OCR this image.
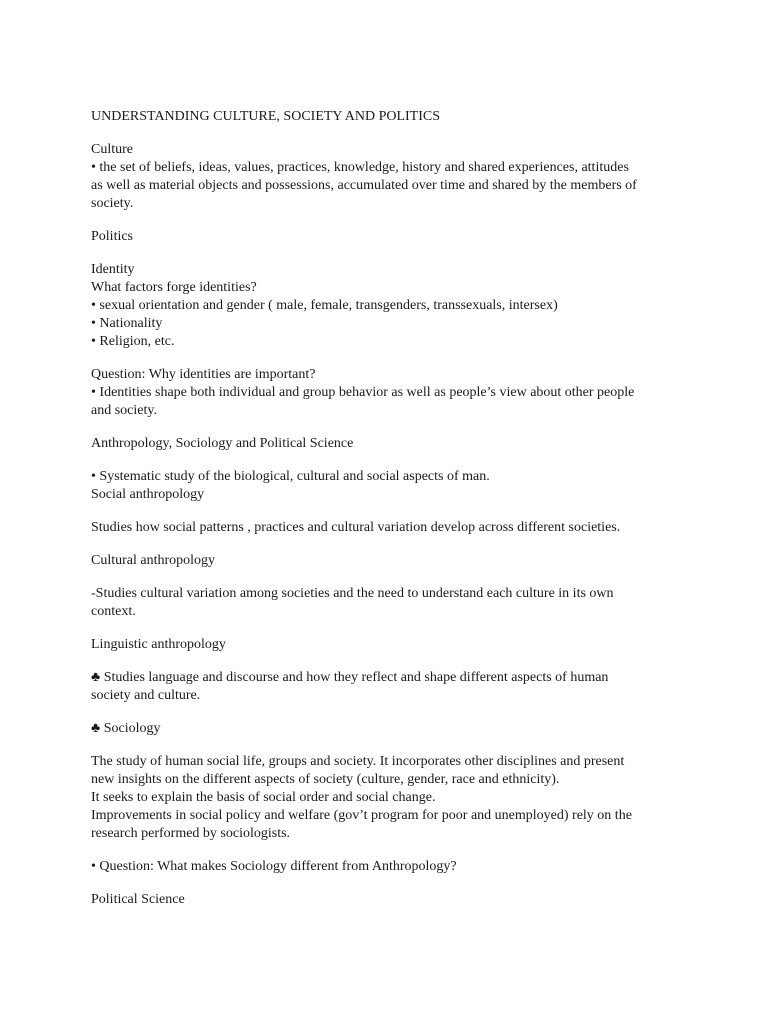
UNDERSTANDING CULTURE, SOCIETY AND POLITICS
Culture
• the set of beliefs, ideas, values, practices, knowledge, history and shared experiences, attitudes
as well as material objects and possessions, accumulated over time and shared by the members of
society.
Politics
Identity
What factors forge identities?
• sexual orientation and gender ( male, female, transgenders, transsexuals, intersex)
• Nationality
• Religion, etc.
Question: Why identities are important?
• Identities shape both individual and group behavior as well as people’s view about other people
and society.
Anthropology, Sociology and Political Science
• Systematic study of the biological, cultural and social aspects of man.
Social anthropology
Studies how social patterns , practices and cultural variation develop across different societies.
Cultural anthropology
-Studies cultural variation among societies and the need to understand each culture in its own
context.
Linguistic anthropology
♣ Studies language and discourse and how they reflect and shape different aspects of human
society and culture.
♣ Sociology
The study of human social life, groups and society. It incorporates other disciplines and present
new insights on the different aspects of society (culture, gender, race and ethnicity).
It seeks to explain the basis of social order and social change.
Improvements in social policy and welfare (gov’t program for poor and unemployed) rely on the
research performed by sociologists.
• Question: What makes Sociology different from Anthropology?
Political Science
